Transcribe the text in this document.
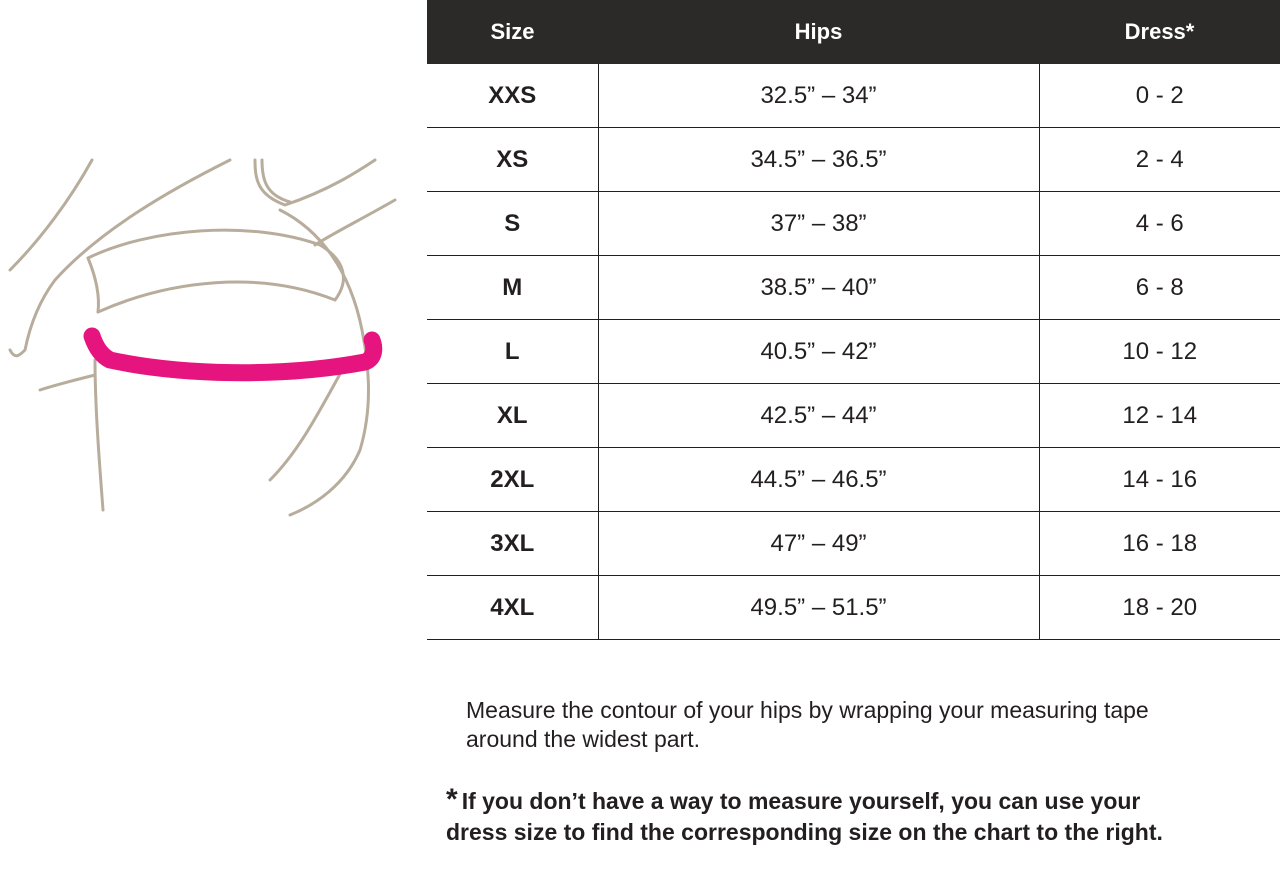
Size	Hips	Dress*
XXS	32.5” – 34”	0 - 2
XS	34.5” – 36.5”	2 - 4
S	37” – 38”	4 - 6
M	38.5” – 40”	6 - 8
L	40.5” – 42”	10 - 12
XL	42.5” – 44”	12 - 14
2XL	44.5” – 46.5”	14 - 16
3XL	47” – 49”	16 - 18
4XL	49.5” – 51.5”	18 - 20
Measure the contour of your hips by wrapping your measuring tape
around the widest part.
* If you don’t have a way to measure yourself, you can use your
dress size to find the corresponding size on the chart to the right.
